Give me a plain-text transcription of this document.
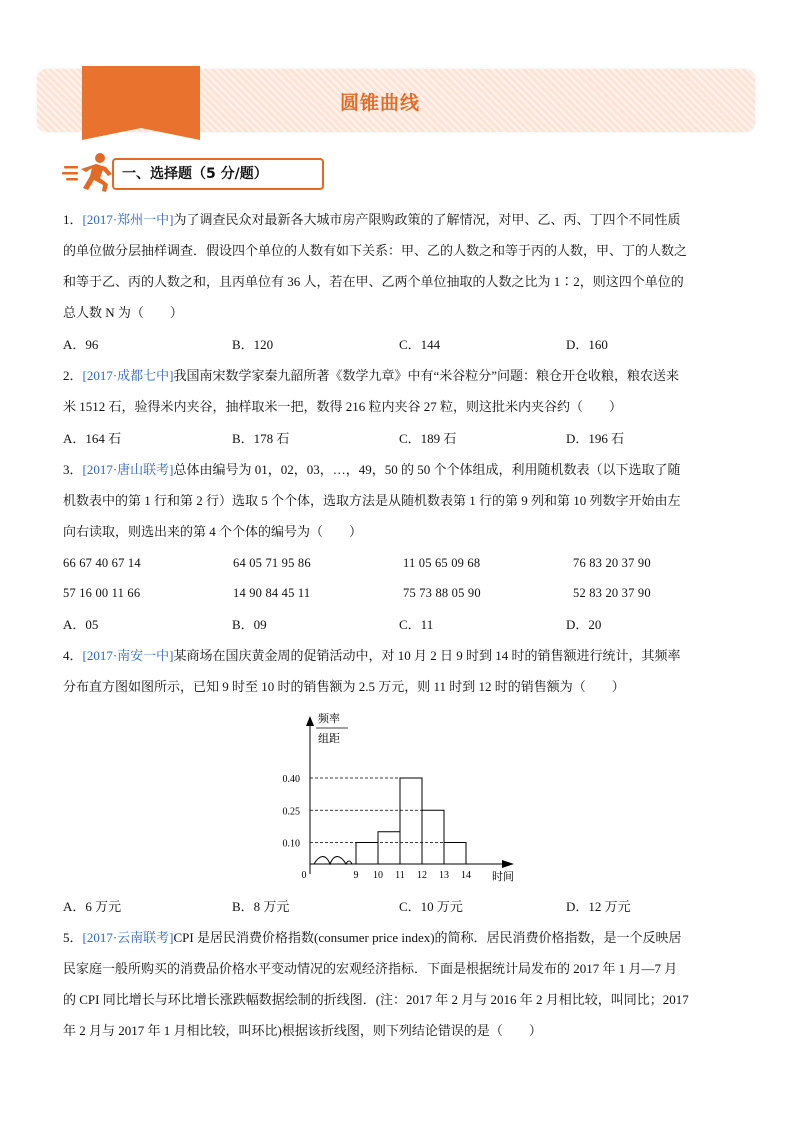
疯狂专练 11
圆锥曲线
一、选择题（5 分/题）
1．[2017·郑州一中]为了调查民众对最新各大城市房产限购政策的了解情况，对甲、乙、丙、丁四个不同性质
的单位做分层抽样调查．假设四个单位的人数有如下关系：甲、乙的人数之和等于丙的人数，甲、丁的人数之
和等于乙、丙的人数之和，且丙单位有 36 人，若在甲、乙两个单位抽取的人数之比为 1∶2，则这四个单位的
总人数 N 为（　　）
A．96	B．120	C．144	D．160
2．[2017·成都七中]我国南宋数学家秦九韶所著《数学九章》中有“米谷粒分”问题：粮仓开仓收粮，粮农送来
米 1512 石，验得米内夹谷，抽样取米一把，数得 216 粒内夹谷 27 粒，则这批米内夹谷约（　　）
A．164 石	B．178 石	C．189 石	D．196 石
3．[2017·唐山联考]总体由编号为 01，02，03，…，49，50 的 50 个个体组成，利用随机数表（以下选取了随
机数表中的第 1 行和第 2 行）选取 5 个个体，选取方法是从随机数表第 1 行的第 9 列和第 10 列数字开始由左
向右读取，则选出来的第 4 个个体的编号为（　　）
66 67 40 67 14	64 05 71 95 86	11 05 65 09 68	76 83 20 37 90
57 16 00 11 66	14 90 84 45 11	75 73 88 05 90	52 83 20 37 90
A．05	B．09	C．11	D．20
4．[2017·南安一中]某商场在国庆黄金周的促销活动中，对 10 月 2 日 9 时到 14 时的销售额进行统计，其频率
分布直方图如图所示，已知 9 时至 10 时的销售额为 2.5 万元，则 11 时到 12 时的销售额为（　　）
频率
组距
时间
0
0.10
0.25
0.40
9 10 11 12 13 14
A．6 万元	B．8 万元	C．10 万元	D．12 万元
5．[2017·云南联考]CPI 是居民消费价格指数(consumer price index)的简称．居民消费价格指数，是一个反映居
民家庭一般所购买的消费品价格水平变动情况的宏观经济指标．下面是根据统计局发布的 2017 年 1 月—7 月
的 CPI 同比增长与环比增长涨跌幅数据绘制的折线图．(注：2017 年 2 月与 2016 年 2 月相比较，叫同比；2017
年 2 月与 2017 年 1 月相比较，叫环比)根据该折线图，则下列结论错误的是（　　）
